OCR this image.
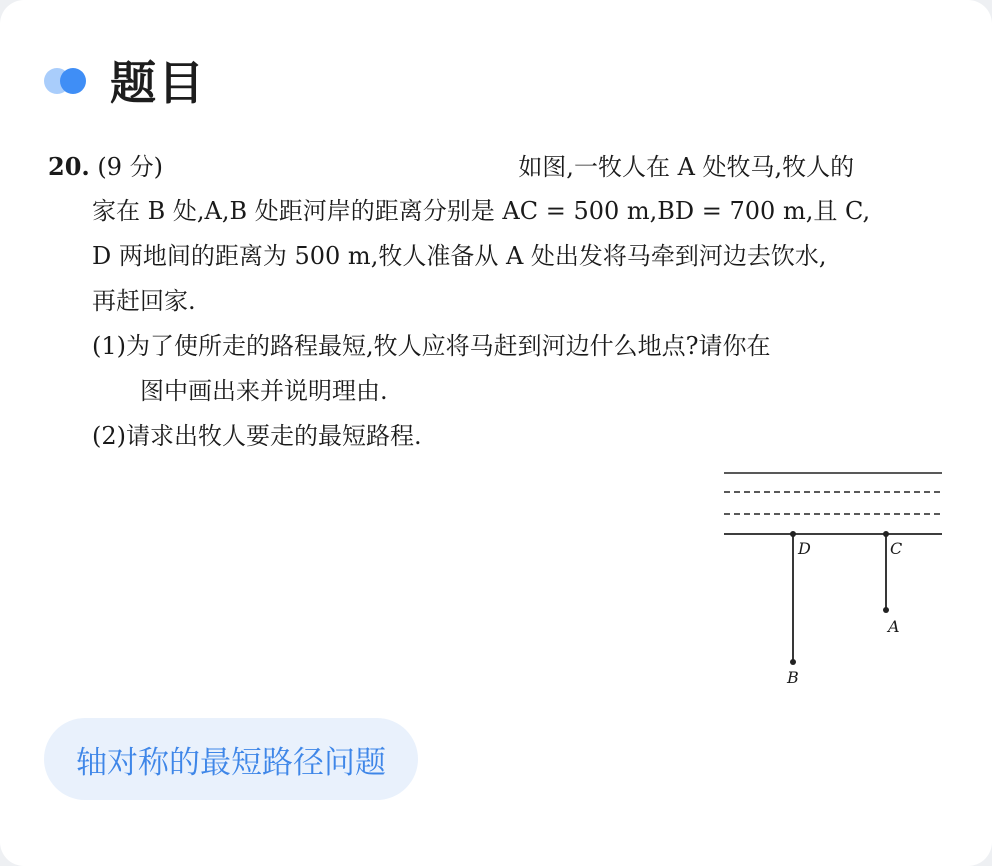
题目
20. (9 分)	如图,一牧人在 A 处牧马,牧人的
家在 B 处,A,B 处距河岸的距离分别是 AC = 500 m,BD = 700 m,且 C,
D 两地间的距离为 500 m,牧人准备从 A 处出发将马牵到河边去饮水,
再赶回家.
(1)为了使所走的路程最短,牧人应将马赶到河边什么地点?请你在
图中画出来并说明理由.
(2)请求出牧人要走的最短路程.
D	C
A
B
轴对称的最短路径问题
